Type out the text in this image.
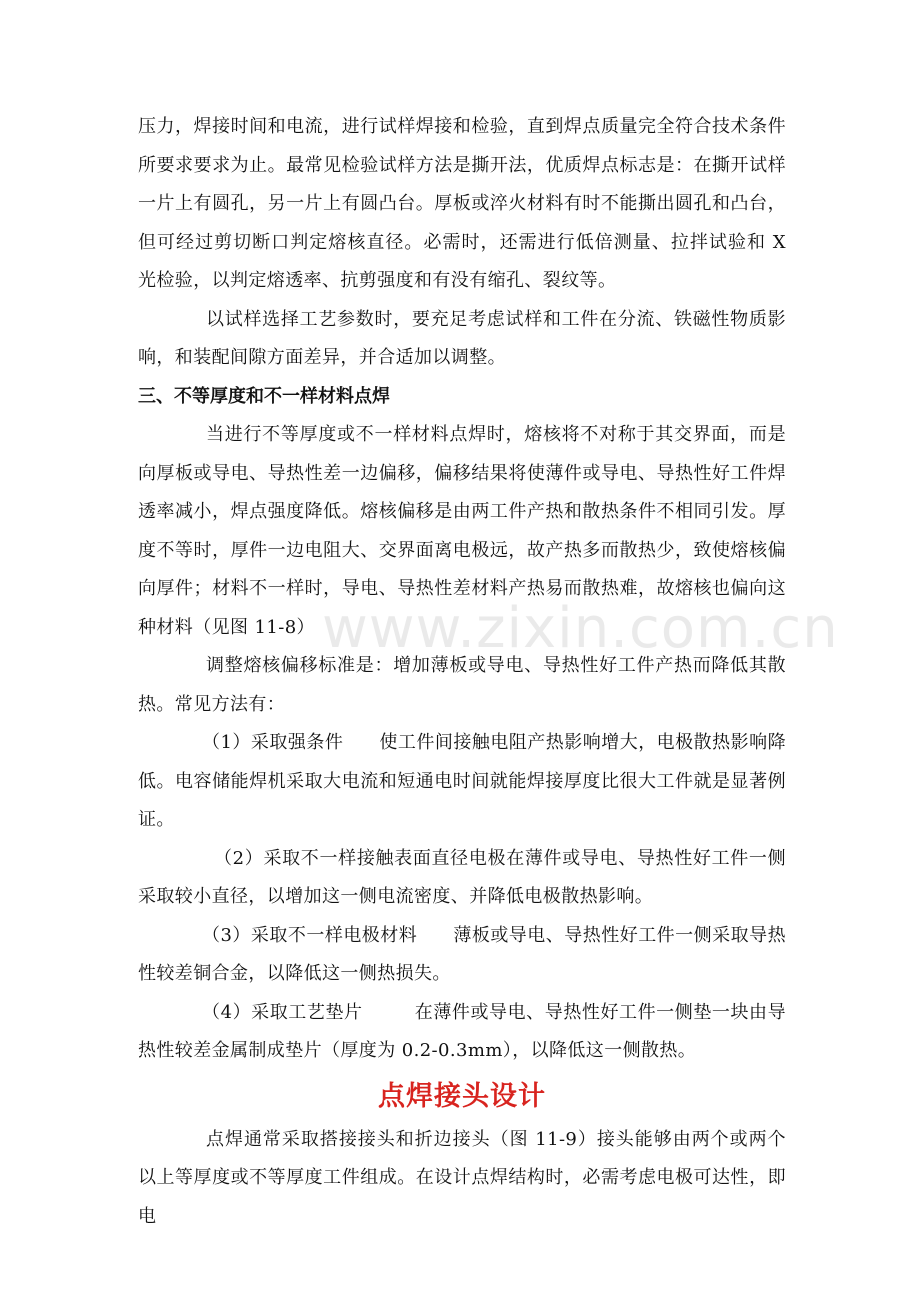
www.zixin.com.cn

压力，焊接时间和电流，进行试样焊接和检验，直到焊点质量完全符合技术条件所要求要求为止。最常见检验试样方法是撕开法，优质焊点标志是：在撕开试样一片上有圆孔，另一片上有圆凸台。厚板或淬火材料有时不能撕出圆孔和凸台，但可经过剪切断口判定熔核直径。必需时，还需进行低倍测量、拉拌试验和 X 光检验，以判定熔透率、抗剪强度和有没有缩孔、裂纹等。

以试样选择工艺参数时，要充足考虑试样和工件在分流、铁磁性物质影响，和装配间隙方面差异，并合适加以调整。

三、不等厚度和不一样材料点焊

当进行不等厚度或不一样材料点焊时，熔核将不对称于其交界面，而是向厚板或导电、导热性差一边偏移，偏移结果将使薄件或导电、导热性好工件焊透率减小，焊点强度降低。熔核偏移是由两工件产热和散热条件不相同引发。厚度不等时，厚件一边电阻大、交界面离电极远，故产热多而散热少，致使熔核偏向厚件；材料不一样时，导电、导热性差材料产热易而散热难，故熔核也偏向这种材料（见图 11-8）

调整熔核偏移标准是：增加薄板或导电、导热性好工件产热而降低其散热。常见方法有：

（1）采取强条件 使工件间接触电阻产热影响增大，电极散热影响降低。电容储能焊机采取大电流和短通电时间就能焊接厚度比很大工件就是显著例证。

（2）采取不一样接触表面直径电极在薄件或导电、导热性好工件一侧采取较小直径，以增加这一侧电流密度、并降低电极散热影响。

（3）采取不一样电极材料 薄板或导电、导热性好工件一侧采取导热性较差铜合金，以降低这一侧热损失。

（4）采取工艺垫片	在薄件或导电、导热性好工件一侧垫一块由导热性较差金属制成垫片（厚度为 0.2-0.3mm），以降低这一侧散热。

点焊接头设计

点焊通常采取搭接接头和折边接头（图 11-9）接头能够由两个或两个以上等厚度或不等厚度工件组成。在设计点焊结构时，必需考虑电极可达性，即电
